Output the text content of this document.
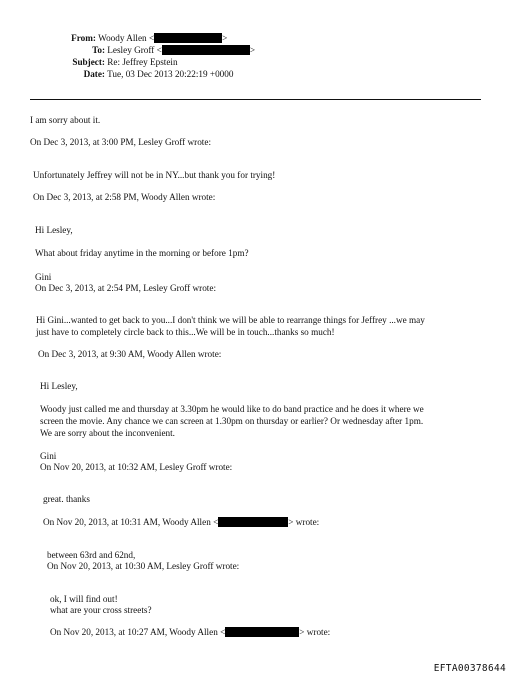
From: Woody Allen <	>
To: Lesley Groff <	>
Subject: Re: Jeffrey Epstein
Date: Tue, 03 Dec 2013 20:22:19 +0000
I am sorry about it.
On Dec 3, 2013, at 3:00 PM, Lesley Groff wrote:
Unfortunately Jeffrey will not be in NY...but thank you for trying!
On Dec 3, 2013, at 2:58 PM, Woody Allen wrote:
Hi Lesley,
What about friday anytime in the morning or before 1pm?
Gini
On Dec 3, 2013, at 2:54 PM, Lesley Groff wrote:
Hi Gini...wanted to get back to you...I don't think we will be able to rearrange things for Jeffrey ...we may
just have to completely circle back to this...We will be in touch...thanks so much!
On Dec 3, 2013, at 9:30 AM, Woody Allen wrote:
Hi Lesley,
Woody just called me and thursday at 3.30pm he would like to do band practice and he does it where we
screen the movie. Any chance we can screen at 1.30pm on thursday or earlier? Or wednesday after 1pm.
We are sorry about the inconvenient.
Gini
On Nov 20, 2013, at 10:32 AM, Lesley Groff wrote:
great. thanks
On Nov 20, 2013, at 10:31 AM, Woody Allen <	> wrote:
between 63rd and 62nd,
On Nov 20, 2013, at 10:30 AM, Lesley Groff wrote:
ok, I will find out!
what are your cross streets?
On Nov 20, 2013, at 10:27 AM, Woody Allen <	> wrote:
EFTA00378644
